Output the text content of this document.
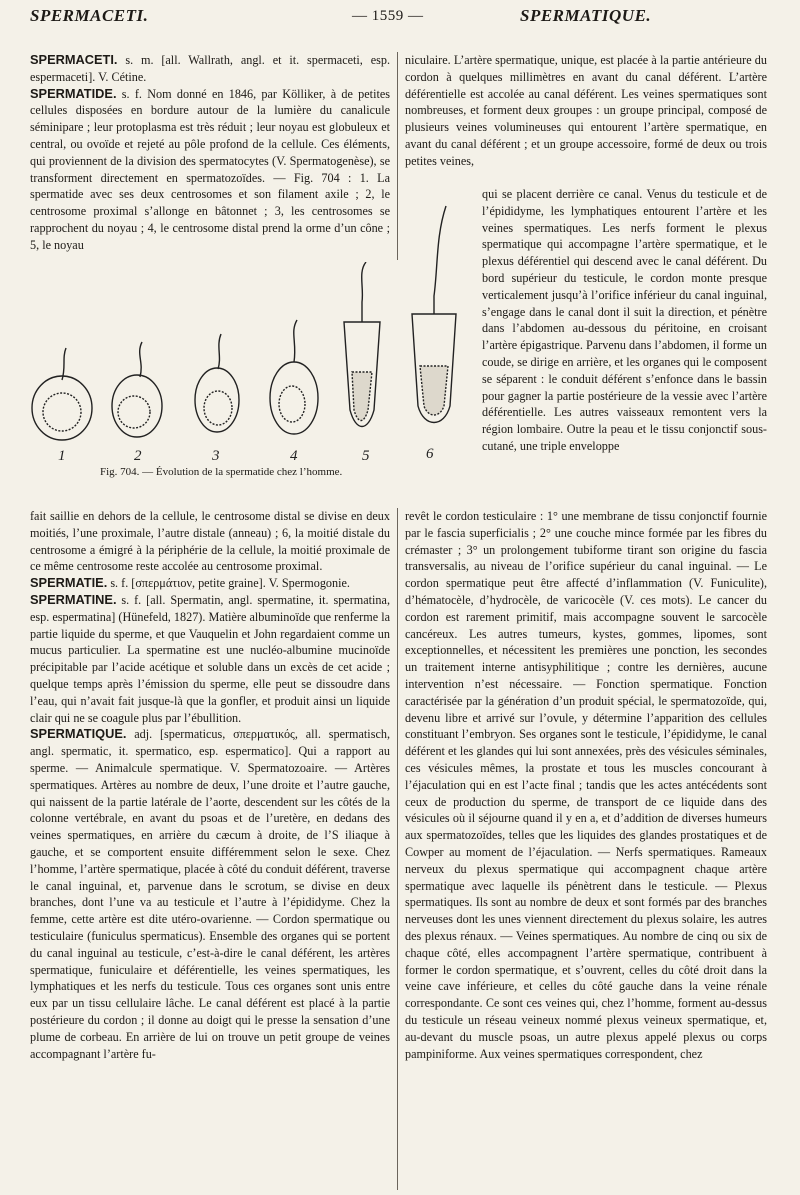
SPERMACETI.	— 1559 —	SPERMATIQUE.

SPERMACETI. s. m. [all. Wallrath, angl. et it. spermaceti, esp. espermaceti]. V. Cétine.

SPERMATIDE. s. f. Nom donné en 1846, par Kölliker, à de petites cellules disposées en bordure autour de la lumière du canalicule séminipare ; leur protoplasma est très réduit ; leur noyau est globuleux et central, ou ovoïde et rejeté au pôle profond de la cellule. Ces éléments, qui proviennent de la division des spermatocytes (V. Spermatogenèse), se transforment directement en spermatozoïdes. — Fig. 704 : 1. La spermatide avec ses deux centrosomes et son filament axile ; 2, le centrosome proximal s’allonge en bâtonnet ; 3, les centrosomes se rapprochent du noyau ; 4, le centrosome distal prend la orme d’un cône ; 5, le noyau

1	2	3	4	5
Fig. 704. — Évolution de la spermatide chez l’homme.
niculaire. L’artère spermatique, unique, est placée à la partie antérieure du cordon à quelques millimètres en avant du canal déférent. L’artère déférentielle est accolée au canal déférent. Les veines spermatiques sont nombreuses, et forment deux groupes : un groupe principal, composé de plusieurs veines volumineuses qui entourent l’artère spermatique, en avant du canal déférent ; et un groupe accessoire, formé de deux ou trois petites veines,
6
qui se placent derrière ce canal. Venus du testicule et de l’épididyme, les lymphatiques entourent l’artère et les veines spermatiques. Les nerfs forment le plexus spermatique qui accompagne l’artère spermatique, et le plexus déférentiel qui descend avec le canal déférent. Du bord supérieur du testicule, le cordon monte presque verticalement jusqu’à l’orifice inférieur du canal inguinal, s’engage dans le canal dont il suit la direction, et pénètre dans l’abdomen au-dessous du péritoine, en croisant l’artère épigastrique. Parvenu dans l’abdomen, il forme un coude, se dirige en arrière, et les organes qui le composent se séparent : le conduit déférent s’enfonce dans le bassin pour gagner la partie postérieure de la vessie avec l’artère déférentielle. Les autres vaisseaux remontent vers la région lombaire. Outre la peau et le tissu conjonctif sous-cutané, une triple enveloppe

fait saillie en dehors de la cellule, le centrosome distal se divise en deux moitiés, l’une proximale, l’autre distale (anneau) ; 6, la moitié distale du centrosome a émigré à la périphérie de la cellule, la moitié proximale de ce même centrosome reste accolée au centrosome proximal.

SPERMATIE. s. f. [σπερμάτιον, petite graine]. V. Spermogonie.

SPERMATINE. s. f. [all. Spermatin, angl. spermatine, it. spermatina, esp. espermatina] (Hünefeld, 1827). Matière albuminoïde que renferme la partie liquide du sperme, et que Vauquelin et John regardaient comme un mucus particulier. La spermatine est une nucléo-albumine mucinoïde précipitable par l’acide acétique et soluble dans un excès de cet acide ; quelque temps après l’émission du sperme, elle peut se dissoudre dans l’eau, qui n’avait fait jusque-là que la gonfler, et produit ainsi un liquide clair qui ne se coagule plus par l’ébullition.

SPERMATIQUE. adj. [spermaticus, σπερματικός, all. spermatisch, angl. spermatic, it. spermatico, esp. espermatico]. Qui a rapport au sperme. — Animalcule spermatique. V. Spermatozoaire. — Artères spermatiques. Artères au nombre de deux, l’une droite et l’autre gauche, qui naissent de la partie latérale de l’aorte, descendent sur les côtés de la colonne vertébrale, en avant du psoas et de l’uretère, en dedans des veines spermatiques, en arrière du cæcum à droite, de l’S iliaque à gauche, et se comportent ensuite différemment selon le sexe. Chez l’homme, l’artère spermatique, placée à côté du conduit déférent, traverse le canal inguinal, et, parvenue dans le scrotum, se divise en deux branches, dont l’une va au testicule et l’autre à l’épididyme. Chez la femme, cette artère est dite utéro-ovarienne. — Cordon spermatique ou testiculaire (funiculus spermaticus). Ensemble des organes qui se portent du canal inguinal au testicule, c’est-à-dire le canal déférent, les artères spermatique, funiculaire et déférentielle, les veines spermatiques, les lymphatiques et les nerfs du testicule. Tous ces organes sont unis entre eux par un tissu cellulaire lâche. Le canal déférent est placé à la partie postérieure du cordon ; il donne au doigt qui le presse la sensation d’une plume de corbeau. En arrière de lui on trouve un petit groupe de veines accompagnant l’artère fu-

revêt le cordon testiculaire : 1° une membrane de tissu conjonctif fournie par le fascia superficialis ; 2° une couche mince formée par les fibres du crémaster ; 3° un prolongement tubiforme tirant son origine du fascia transversalis, au niveau de l’orifice supérieur du canal inguinal. — Le cordon spermatique peut être affecté d’inflammation (V. Funiculite), d’hématocèle, d’hydrocèle, de varicocèle (V. ces mots). Le cancer du cordon est rarement primitif, mais accompagne souvent le sarcocèle cancéreux. Les autres tumeurs, kystes, gommes, lipomes, sont exceptionnelles, et nécessitent les premières une ponction, les secondes un traitement interne antisyphilitique ; contre les dernières, aucune intervention n’est nécessaire. — Fonction spermatique. Fonction caractérisée par la génération d’un produit spécial, le spermatozoïde, qui, devenu libre et arrivé sur l’ovule, y détermine l’apparition des cellules constituant l’embryon. Ses organes sont le testicule, l’épididyme, le canal déférent et les glandes qui lui sont annexées, près des vésicules séminales, ces vésicules mêmes, la prostate et tous les muscles concourant à l’éjaculation qui en est l’acte final ; tandis que les actes antécédents sont ceux de production du sperme, de transport de ce liquide dans des vésicules où il séjourne quand il y en a, et d’addition de diverses humeurs aux spermatozoïdes, telles que les liquides des glandes prostatiques et de Cowper au moment de l’éjaculation. — Nerfs spermatiques. Rameaux nerveux du plexus spermatique qui accompagnent chaque artère spermatique avec laquelle ils pénètrent dans le testicule. — Plexus spermatiques. Ils sont au nombre de deux et sont formés par des branches nerveuses dont les unes viennent directement du plexus solaire, les autres des plexus rénaux. — Veines spermatiques. Au nombre de cinq ou six de chaque côté, elles accompagnent l’artère spermatique, contribuent à former le cordon spermatique, et s’ouvrent, celles du côté droit dans la veine cave inférieure, et celles du côté gauche dans la veine rénale correspondante. Ce sont ces veines qui, chez l’homme, forment au-dessus du testicule un réseau veineux nommé plexus veineux spermatique, et, au-devant du muscle psoas, un autre plexus appelé plexus ou corps pampiniforme. Aux veines spermatiques correspondent, chez
